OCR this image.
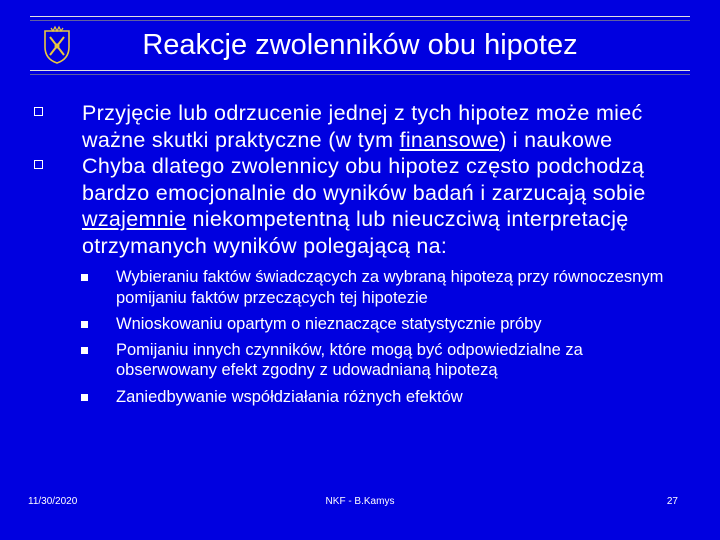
Reakcje zwolenników obu hipotez
Przyjęcie lub odrzucenie jednej z tych hipotez może mieć ważne skutki praktyczne (w tym finansowe) i naukowe
Chyba dlatego zwolennicy obu hipotez często podchodzą bardzo emocjonalnie do wyników badań i zarzucają sobie wzajemnie niekompetentną lub nieuczciwą interpretację otrzymanych wyników polegającą na:
Wybieraniu faktów świadczących za wybraną hipotezą przy równoczesnym pomijaniu faktów przeczących tej hipotezie
Wnioskowaniu opartym o nieznaczące statystycznie próby
Pomijaniu innych czynników, które mogą być odpowiedzialne za obserwowany efekt zgodny z udowadnianą hipotezą
Zaniedbywanie współdziałania różnych efektów
11/30/2020	NKF - B.Kamys	27
